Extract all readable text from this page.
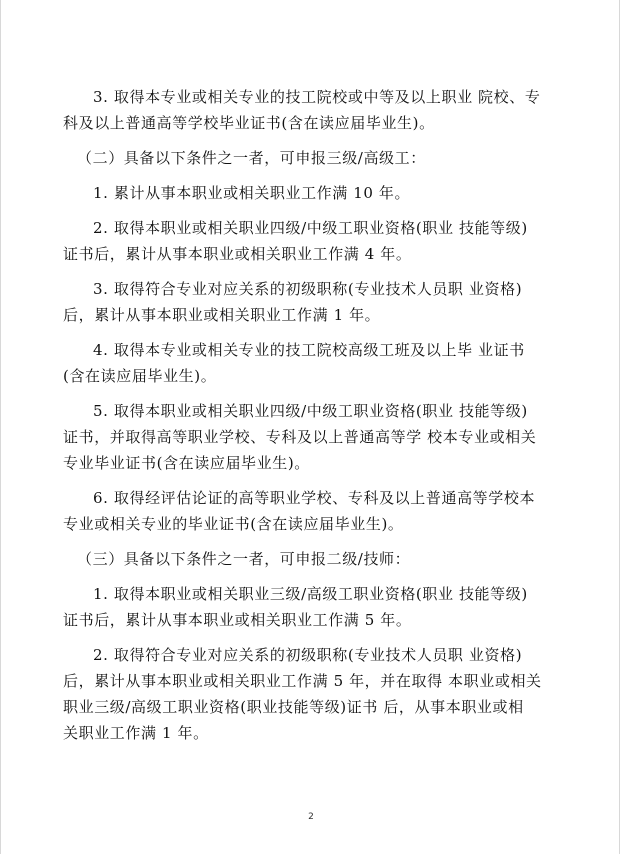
3. 取得本专业或相关专业的技工院校或中等及以上职业 院校、专
科及以上普通高等学校毕业证书(含在读应届毕业生)。

（二）具备以下条件之一者，可申报三级/高级工：

1. 累计从事本职业或相关职业工作满 10 年。

2. 取得本职业或相关职业四级/中级工职业资格(职业 技能等级)
证书后，累计从事本职业或相关职业工作满 4 年。

3. 取得符合专业对应关系的初级职称(专业技术人员职 业资格)
后，累计从事本职业或相关职业工作满 1 年。

4. 取得本专业或相关专业的技工院校高级工班及以上毕 业证书
(含在读应届毕业生)。

5. 取得本职业或相关职业四级/中级工职业资格(职业 技能等级)
证书，并取得高等职业学校、专科及以上普通高等学 校本专业或相关
专业毕业证书(含在读应届毕业生)。

6. 取得经评估论证的高等职业学校、专科及以上普通高等学校本
专业或相关专业的毕业证书(含在读应届毕业生)。

（三）具备以下条件之一者，可申报二级/技师：

1. 取得本职业或相关职业三级/高级工职业资格(职业 技能等级)
证书后，累计从事本职业或相关职业工作满 5 年。

2. 取得符合专业对应关系的初级职称(专业技术人员职 业资格)
后，累计从事本职业或相关职业工作满 5 年，并在取得 本职业或相关
职业三级/高级工职业资格(职业技能等级)证书 后，从事本职业或相
关职业工作满 1 年。

2
